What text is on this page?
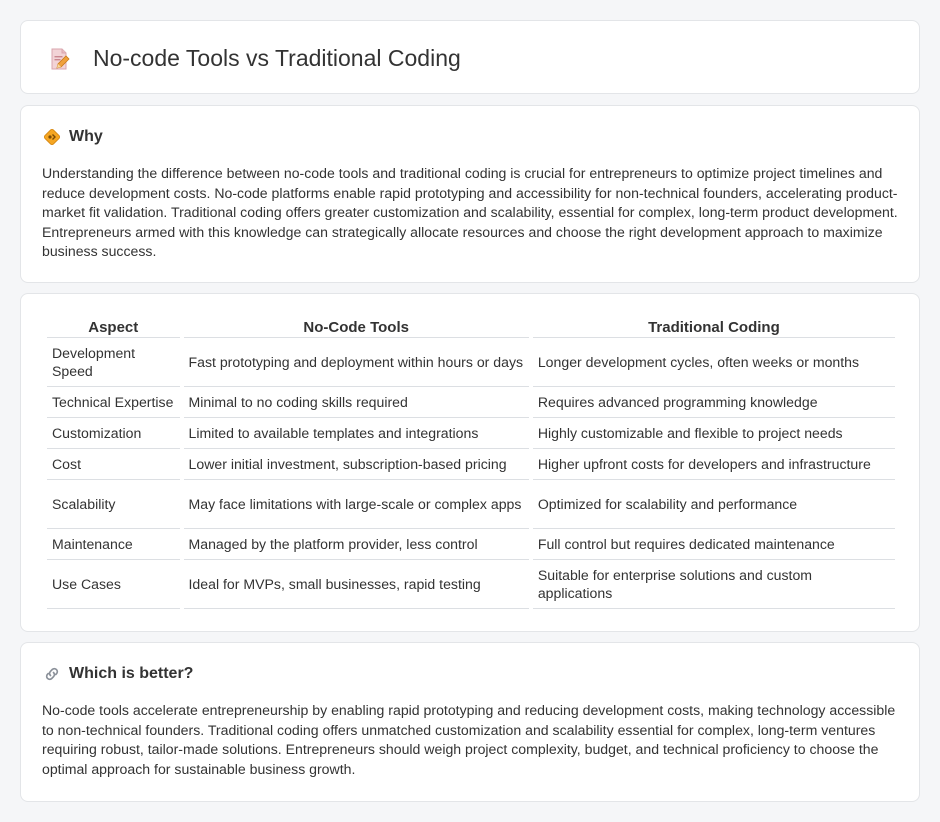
No-code Tools vs Traditional Coding
Why

Understanding the difference between no-code tools and traditional coding is crucial for entrepreneurs to optimize project timelines and reduce development costs. No-code platforms enable rapid prototyping and accessibility for non-technical founders, accelerating product-market fit validation. Traditional coding offers greater customization and scalability, essential for complex, long-term product development. Entrepreneurs armed with this knowledge can strategically allocate resources and choose the right development approach to maximize business success.

Aspect	No-Code Tools	Traditional Coding
Development Speed	Fast prototyping and deployment within hours or days	Longer development cycles, often weeks or months
Technical Expertise	Minimal to no coding skills required	Requires advanced programming knowledge
Customization	Limited to available templates and integrations	Highly customizable and flexible to project needs
Cost	Lower initial investment, subscription-based pricing	Higher upfront costs for developers and infrastructure
Scalability	May face limitations with large-scale or complex apps	Optimized for scalability and performance
Maintenance	Managed by the platform provider, less control	Full control but requires dedicated maintenance
Use Cases	Ideal for MVPs, small businesses, rapid testing	Suitable for enterprise solutions and custom applications
Which is better?

No-code tools accelerate entrepreneurship by enabling rapid prototyping and reducing development costs, making technology accessible to non-technical founders. Traditional coding offers unmatched customization and scalability essential for complex, long-term ventures requiring robust, tailor-made solutions. Entrepreneurs should weigh project complexity, budget, and technical proficiency to choose the optimal approach for sustainable business growth.
